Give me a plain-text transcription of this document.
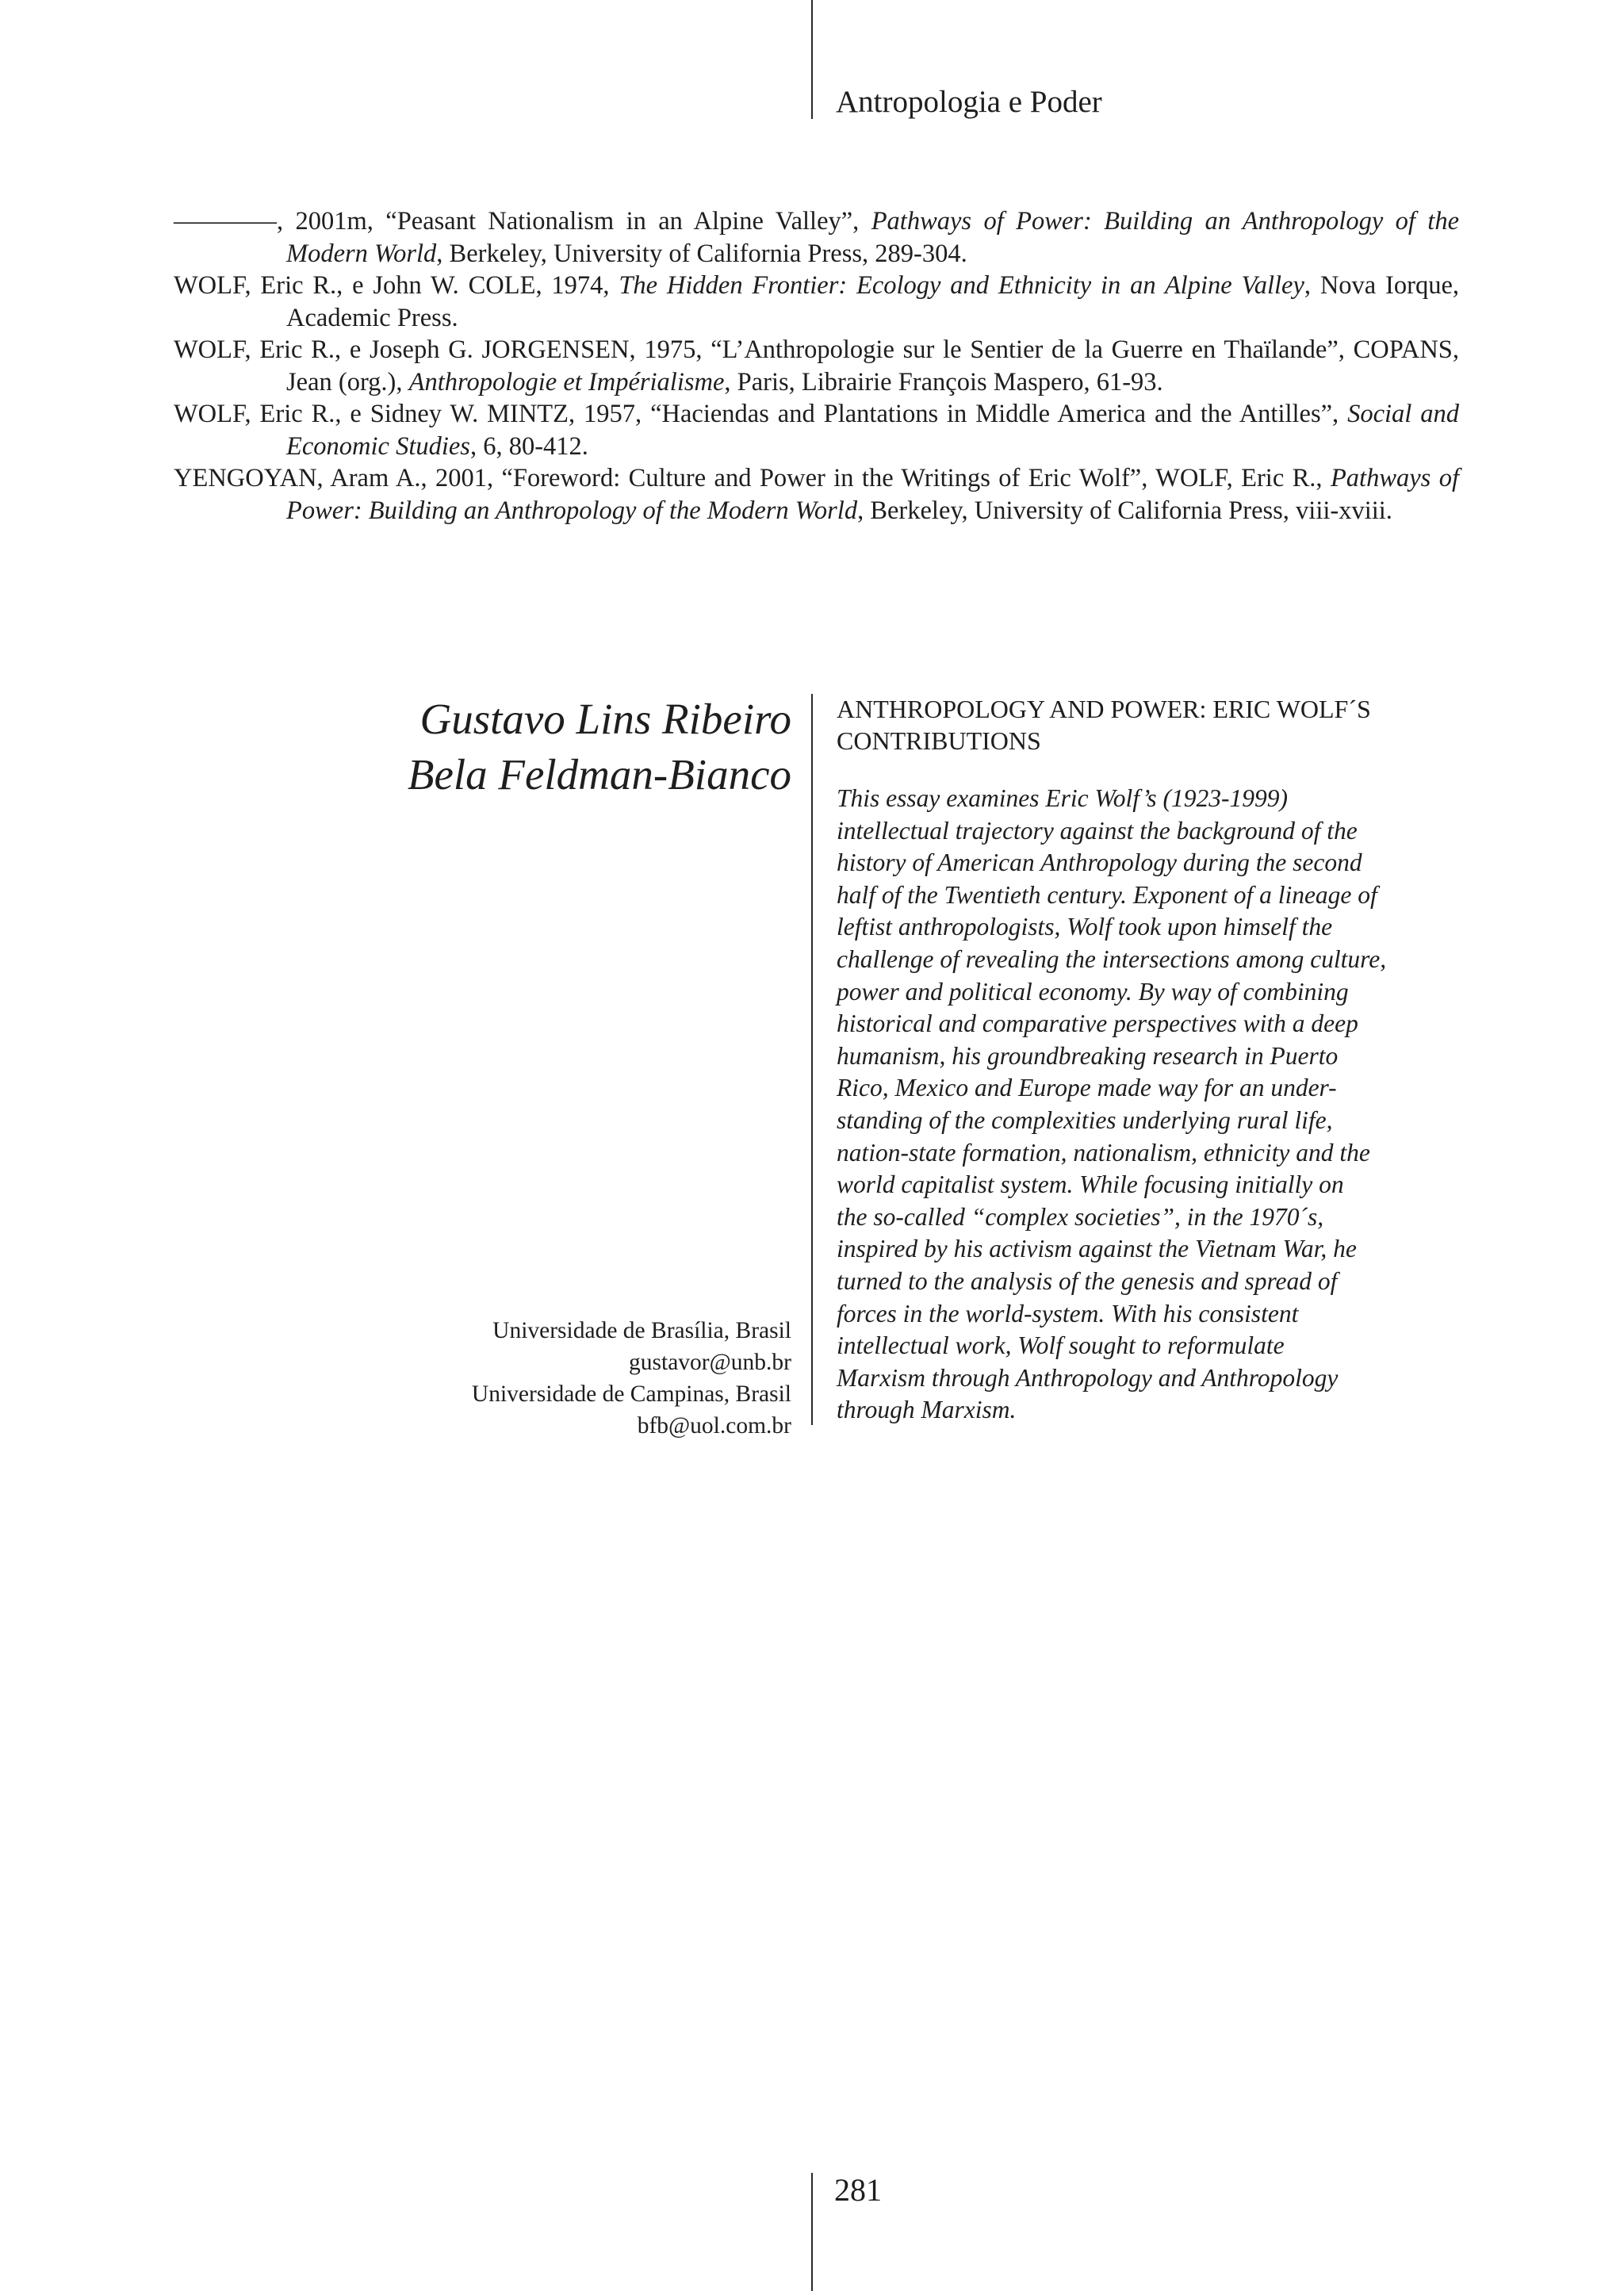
Antropologia e Poder
————, 2001m, “Peasant Nationalism in an Alpine Valley”, Pathways of Power: Building an Anthropology of the Modern World, Berkeley, University of California Press, 289-304.
WOLF, Eric R., e John W. COLE, 1974, The Hidden Frontier: Ecology and Ethnicity in an Alpine Valley, Nova Iorque, Academic Press.
WOLF, Eric R., e Joseph G. JORGENSEN, 1975, “L’Anthropologie sur le Sentier de la Guerre en Thaïlande”, COPANS, Jean (org.), Anthropologie et Impérialisme, Paris, Librairie François Maspero, 61-93.
WOLF, Eric R., e Sidney W. MINTZ, 1957, “Haciendas and Plantations in Middle America and the Antilles”, Social and Economic Studies, 6, 80-412.
YENGOYAN, Aram A., 2001, “Foreword: Culture and Power in the Writings of Eric Wolf”, WOLF, Eric R., Pathways of Power: Building an Anthropology of the Modern World, Berkeley, University of California Press, viii-xviii.
Gustavo Lins Ribeiro
Bela Feldman-Bianco
Universidade de Brasília, Brasil
gustavor@unb.br
Universidade de Campinas, Brasil
bfb@uol.com.br
ANTHROPOLOGY AND POWER: ERIC WOLF´S CONTRIBUTIONS
This essay examines Eric Wolf’s (1923-1999)
intellectual trajectory against the background of the
history of American Anthropology during the second
half of the Twentieth century. Exponent of a lineage of
leftist anthropologists, Wolf took upon himself the
challenge of revealing the intersections among culture,
power and political economy. By way of combining
historical and comparative perspectives with a deep
humanism, his groundbreaking research in Puerto
Rico, Mexico and Europe made way for an under-
standing of the complexities underlying rural life,
nation-state formation, nationalism, ethnicity and the
world capitalist system. While focusing initially on
the so-called “complex societies”, in the 1970´s,
inspired by his activism against the Vietnam War, he
turned to the analysis of the genesis and spread of
forces in the world-system. With his consistent
intellectual work, Wolf sought to reformulate
Marxism through Anthropology and Anthropology
through Marxism.
281
